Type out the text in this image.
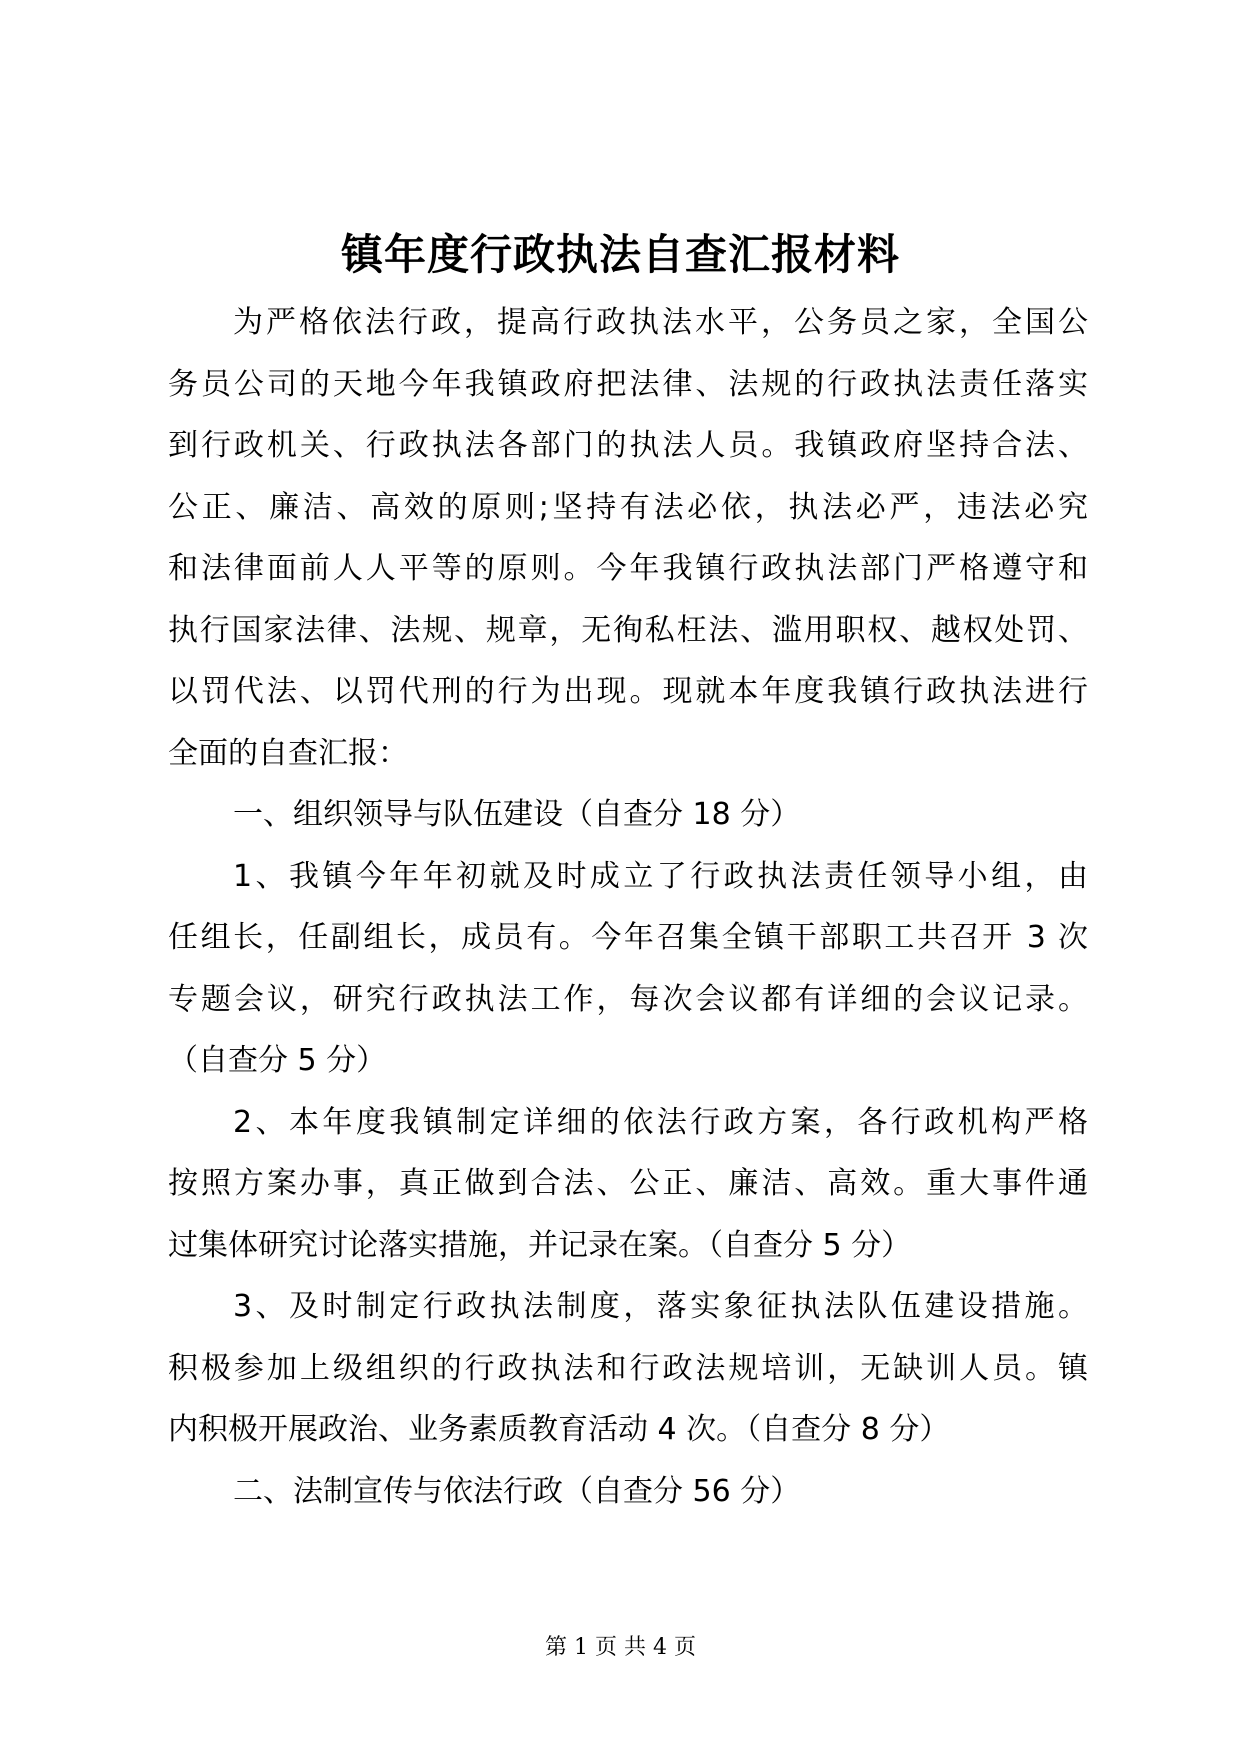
镇年度行政执法自查汇报材料
为严格依法行政，提高行政执法水平，公务员之家，全国公
务员公司的天地今年我镇政府把法律、法规的行政执法责任落实
到行政机关、行政执法各部门的执法人员。我镇政府坚持合法、
公正、廉洁、高效的原则;坚持有法必依，执法必严，违法必究
和法律面前人人平等的原则。今年我镇行政执法部门严格遵守和
执行国家法律、法规、规章，无徇私枉法、滥用职权、越权处罚、
以罚代法、以罚代刑的行为出现。现就本年度我镇行政执法进行
全面的自查汇报：
一、组织领导与队伍建设（自查分 18 分）
1、我镇今年年初就及时成立了行政执法责任领导小组，由
任组长，任副组长，成员有。今年召集全镇干部职工共召开 3 次
专题会议，研究行政执法工作，每次会议都有详细的会议记录。
（自查分 5 分）
2、本年度我镇制定详细的依法行政方案，各行政机构严格
按照方案办事，真正做到合法、公正、廉洁、高效。重大事件通
过集体研究讨论落实措施，并记录在案。（自查分 5 分）
3、及时制定行政执法制度，落实象征执法队伍建设措施。
积极参加上级组织的行政执法和行政法规培训，无缺训人员。镇
内积极开展政治、业务素质教育活动 4 次。（自查分 8 分）
二、法制宣传与依法行政（自查分 56 分）
第 1 页 共 4 页
